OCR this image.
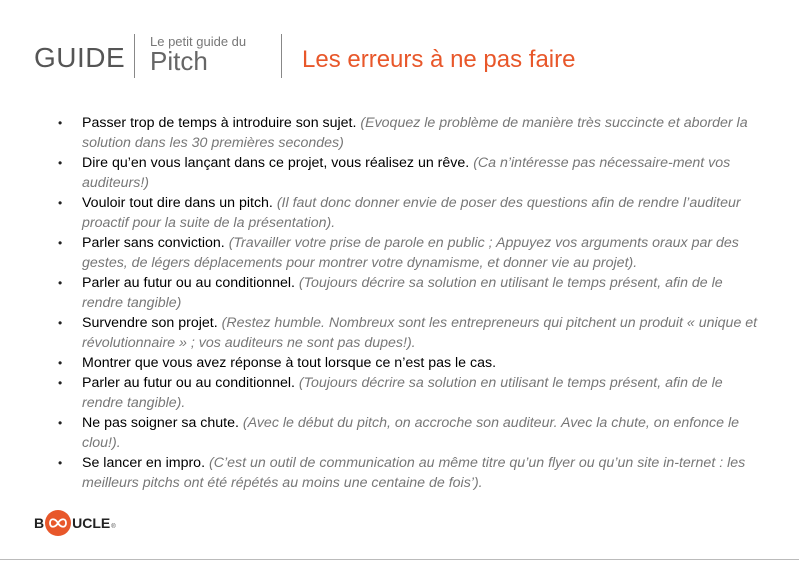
GUIDE
Le petit guide du
Pitch	Les erreurs à ne pas faire
• Passer trop de temps à introduire son sujet. (Evoquez le problème de manière très succincte et aborder la solution dans les 30 premières secondes)
• Dire qu’en vous lançant dans ce projet, vous réalisez un rêve. (Ca n’intéresse pas nécessaire-ment vos auditeurs!)
• Vouloir tout dire dans un pitch. (Il faut donc donner envie de poser des questions afin de rendre l’auditeur proactif pour la suite de la présentation).
• Parler sans conviction. (Travailler votre prise de parole en public ; Appuyez vos arguments oraux par des gestes, de légers déplacements pour montrer votre dynamisme, et donner vie au projet).
• Parler au futur ou au conditionnel. (Toujours décrire sa solution en utilisant le temps présent, afin de le rendre tangible)
• Survendre son projet. (Restez humble. Nombreux sont les entrepreneurs qui pitchent un produit « unique et révolutionnaire » ; vos auditeurs ne sont pas dupes!).
• Montrer que vous avez réponse à tout lorsque ce n’est pas le cas.
• Parler au futur ou au conditionnel. (Toujours décrire sa solution en utilisant le temps présent, afin de le rendre tangible).
• Ne pas soigner sa chute. (Avec le début du pitch, on accroche son auditeur. Avec la chute, on enfonce le clou!).
• Se lancer en impro. (C’est un outil de communication au même titre qu’un flyer ou qu’un site in-ternet : les meilleurs pitchs ont été répétés au moins une centaine de fois’).
B UCLE ®
